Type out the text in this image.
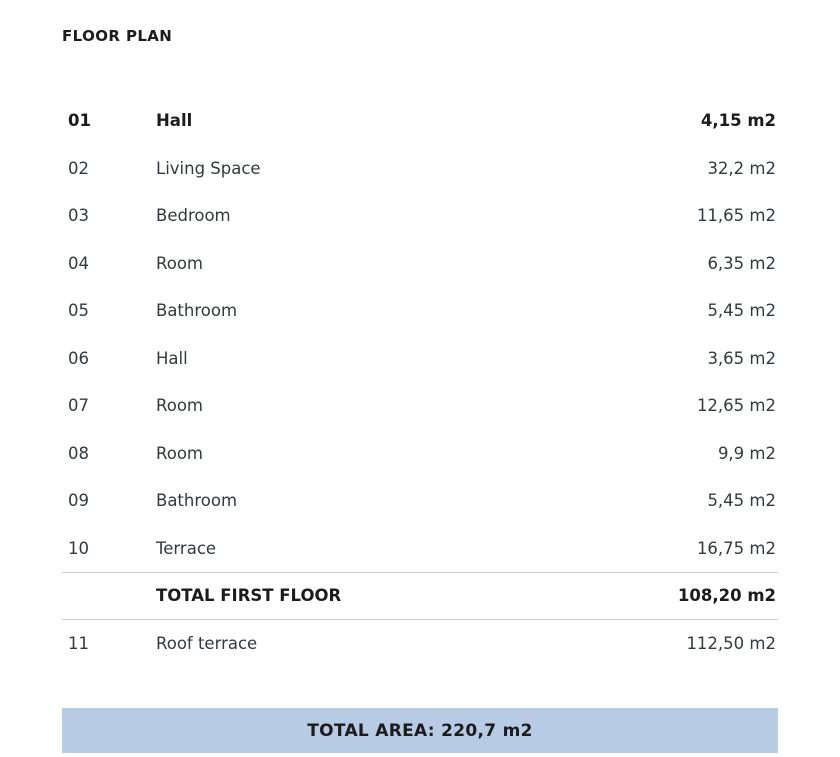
FLOOR PLAN
01	Hall	4,15 m2
02	Living Space	32,2 m2
03	Bedroom	11,65 m2
04	Room	6,35 m2
05	Bathroom	5,45 m2
06	Hall	3,65 m2
07	Room	12,65 m2
08	Room	9,9 m2
09	Bathroom	5,45 m2
10	Terrace	16,75 m2
	TOTAL FIRST FLOOR	108,20 m2
11	Roof terrace	112,50 m2
TOTAL AREA: 220,7 m2
